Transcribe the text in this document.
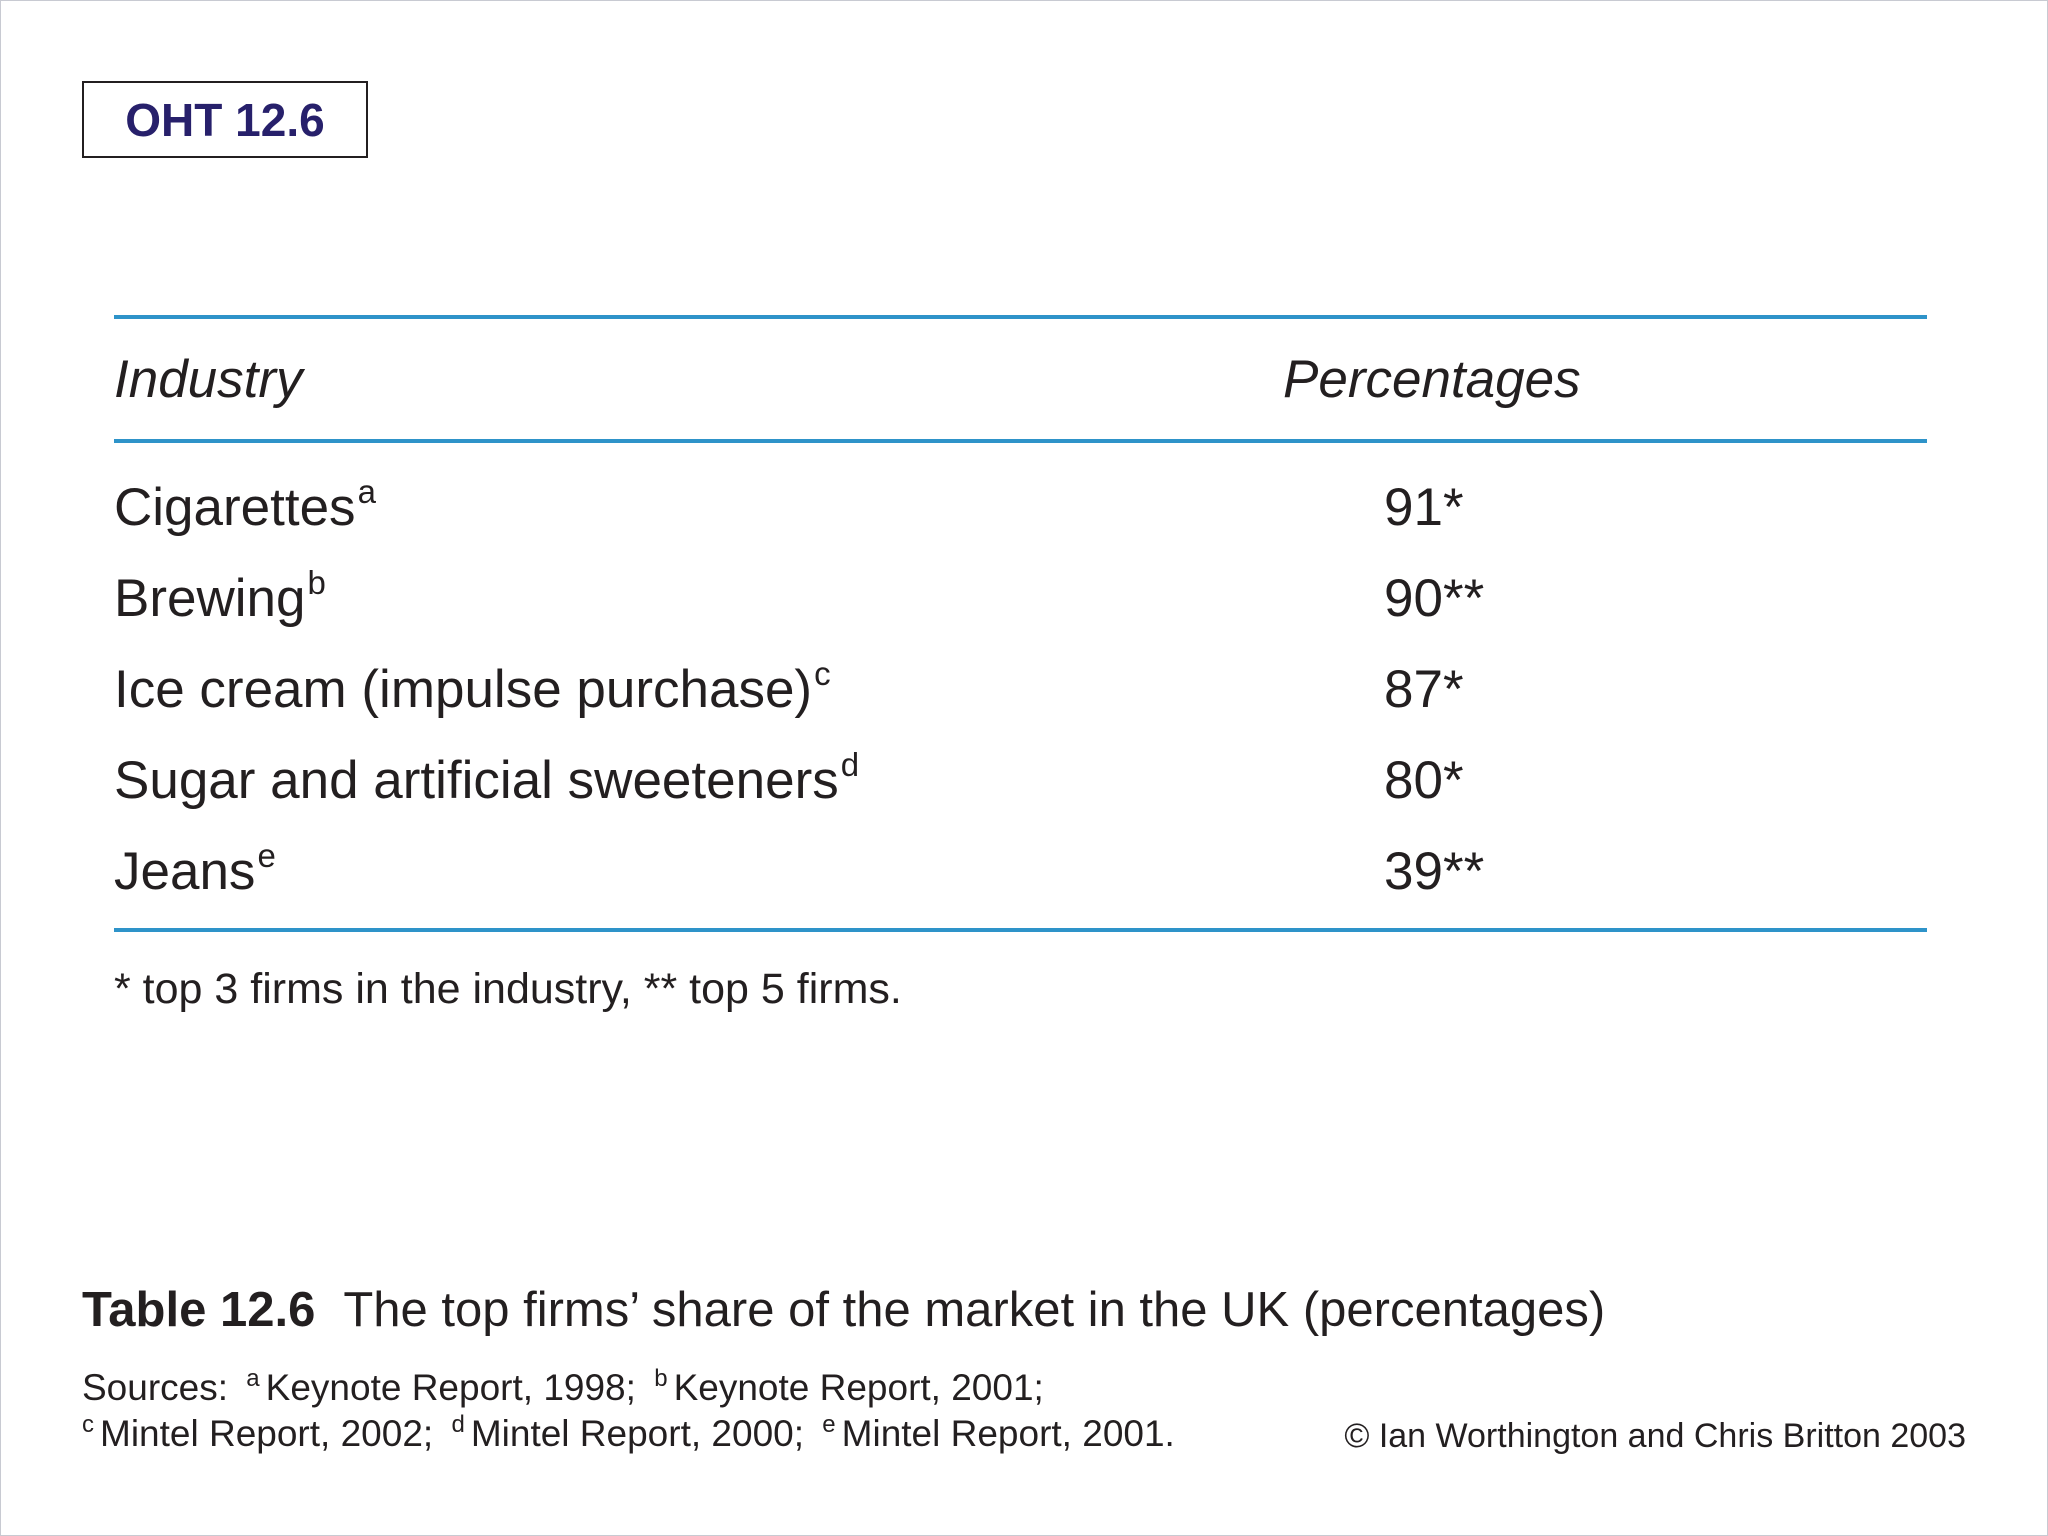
OHT 12.6
Industry	Percentages
Cigarettes$^a$	91*
Brewing$^b$	90**
Ice cream (impulse purchase)$^c$	87*
Sugar and artificial sweeteners$^d$	80*
Jeans$^e$	39**
* top 3 firms in the industry, ** top 5 firms.
Table 12.6 The top firms’ share of the market in the UK (percentages)
Sources: $^a$ Keynote Report, 1998; $^b$ Keynote Report, 2001;
$^c$ Mintel Report, 2002; $^d$ Mintel Report, 2000; $^e$ Mintel Report, 2001.	© Ian Worthington and Chris Britton 2003
